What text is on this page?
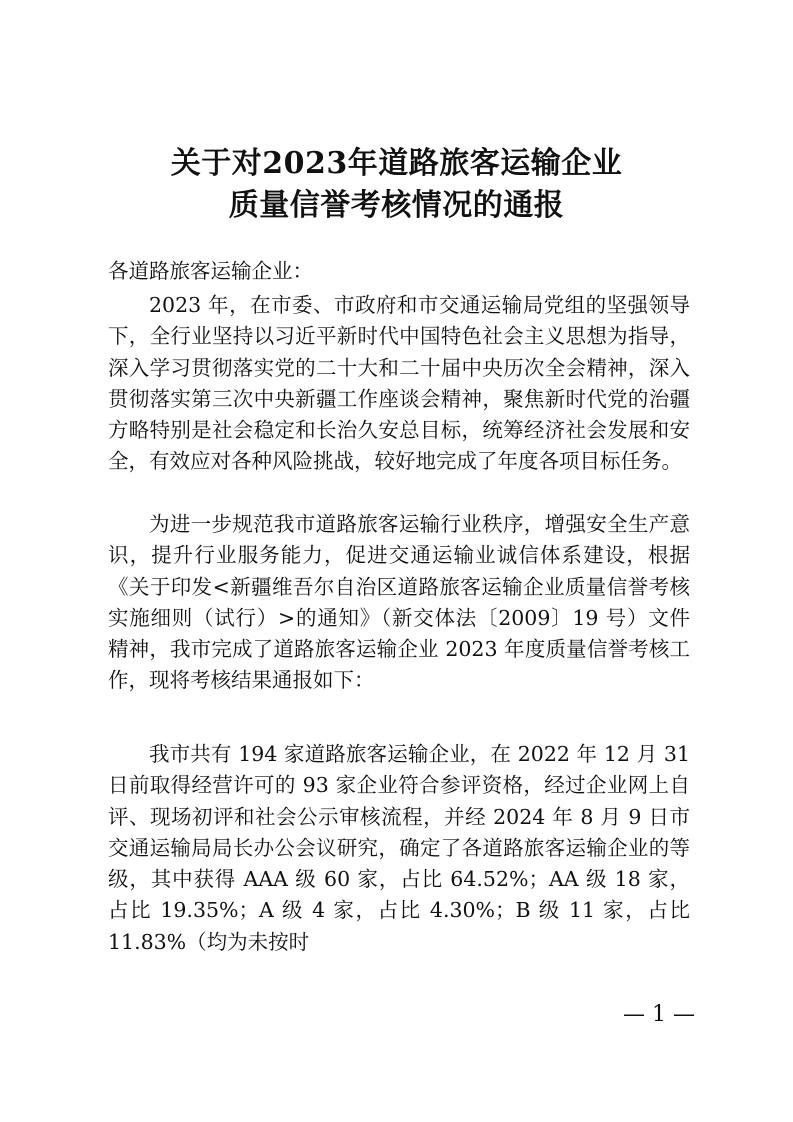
关于对2023年道路旅客运输企业
质量信誉考核情况的通报
各道路旅客运输企业：

2023 年，在市委、市政府和市交通运输局党组的坚强领导下，全行业坚持以习近平新时代中国特色社会主义思想为指导，深入学习贯彻落实党的二十大和二十届中央历次全会精神，深入贯彻落实第三次中央新疆工作座谈会精神，聚焦新时代党的治疆方略特别是社会稳定和长治久安总目标，统筹经济社会发展和安全，有效应对各种风险挑战，较好地完成了年度各项目标任务。

为进一步规范我市道路旅客运输行业秩序，增强安全生产意识，提升行业服务能力，促进交通运输业诚信体系建设，根据《关于印发<新疆维吾尔自治区道路旅客运输企业质量信誉考核实施细则（试行）>的通知》（新交体法〔2009〕19 号）文件精神，我市完成了道路旅客运输企业 2023 年度质量信誉考核工作，现将考核结果通报如下：

我市共有 194 家道路旅客运输企业，在 2022 年 12 月 31 日前取得经营许可的 93 家企业符合参评资格，经过企业网上自评、现场初评和社会公示审核流程，并经 2024 年 8 月 9 日市交通运输局局长办公会议研究，确定了各道路旅客运输企业的等级，其中获得 AAA 级 60 家，占比 64.52%；AA 级 18 家，占比 19.35%；A 级 4 家，占比 4.30%；B 级 11 家，占比 11.83%（均为未按时

— 1 —
